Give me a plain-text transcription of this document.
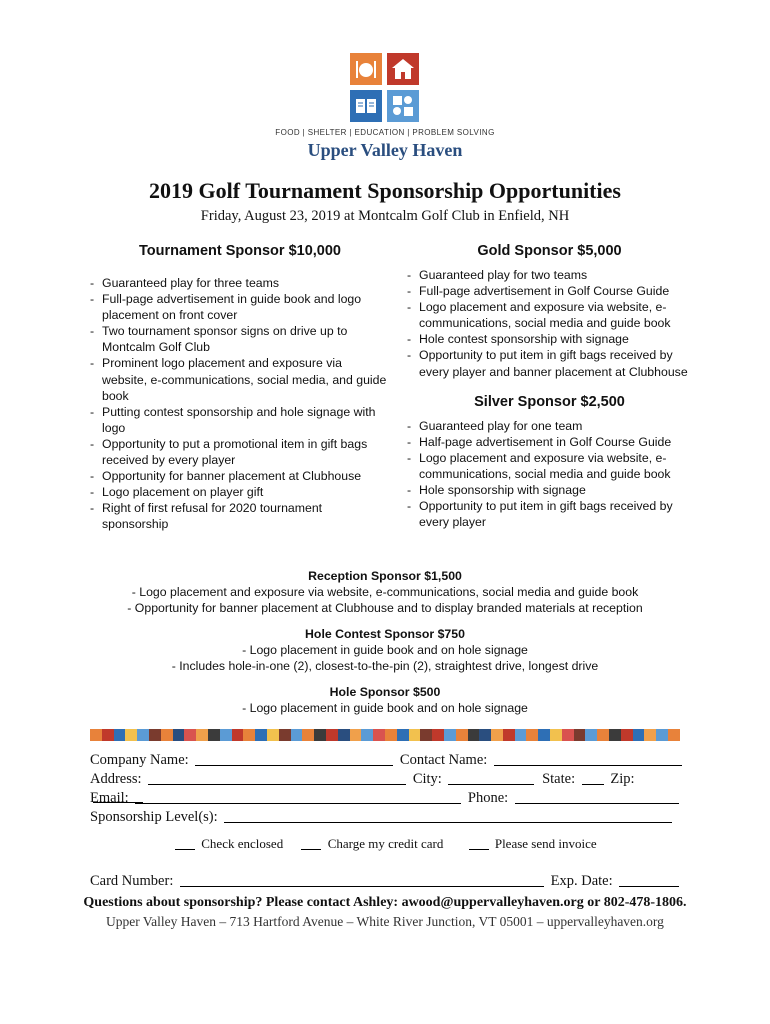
FOOD | SHELTER | EDUCATION | PROBLEM SOLVING
Upper Valley Haven
2019 Golf Tournament Sponsorship Opportunities
Friday, August 23, 2019 at Montcalm Golf Club in Enfield, NH
Tournament Sponsor $10,000
- Guaranteed play for three teams
- Full-page advertisement in guide book and logo placement on front cover
- Two tournament sponsor signs on drive up to Montcalm Golf Club
- Prominent logo placement and exposure via website, e-communications, social media, and guide book
- Putting contest sponsorship and hole signage with logo
- Opportunity to put a promotional item in gift bags received by every player
- Opportunity for banner placement at Clubhouse
- Logo placement on player gift
- Right of first refusal for 2020 tournament sponsorship
Gold Sponsor $5,000
- Guaranteed play for two teams
- Full-page advertisement in Golf Course Guide
- Logo placement and exposure via website, e-communications, social media and guide book
- Hole contest sponsorship with signage
- Opportunity to put item in gift bags received by every player and banner placement at Clubhouse
Silver Sponsor $2,500
- Guaranteed play for one team
- Half-page advertisement in Golf Course Guide
- Logo placement and exposure via website, e-communications, social media and guide book
- Hole sponsorship with signage
- Opportunity to put item in gift bags received by every player
Reception Sponsor $1,500
- Logo placement and exposure via website, e-communications, social media and guide book
- Opportunity for banner placement at Clubhouse and to display branded materials at reception
Hole Contest Sponsor $750
- Logo placement in guide book and on hole signage
- Includes hole-in-one (2), closest-to-the-pin (2), straightest drive, longest drive
Hole Sponsor $500
- Logo placement in guide book and on hole signage
Company Name:	Contact Name:
Address:	City:	State: Zip:
Email:	Phone:
Sponsorship Level(s):
Check enclosed	Charge my credit card	Please send invoice
Card Number:	Exp. Date:
Questions about sponsorship? Please contact Ashley: awood@uppervalleyhaven.org or 802-478-1806.
Upper Valley Haven – 713 Hartford Avenue – White River Junction, VT 05001 – uppervalleyhaven.org
